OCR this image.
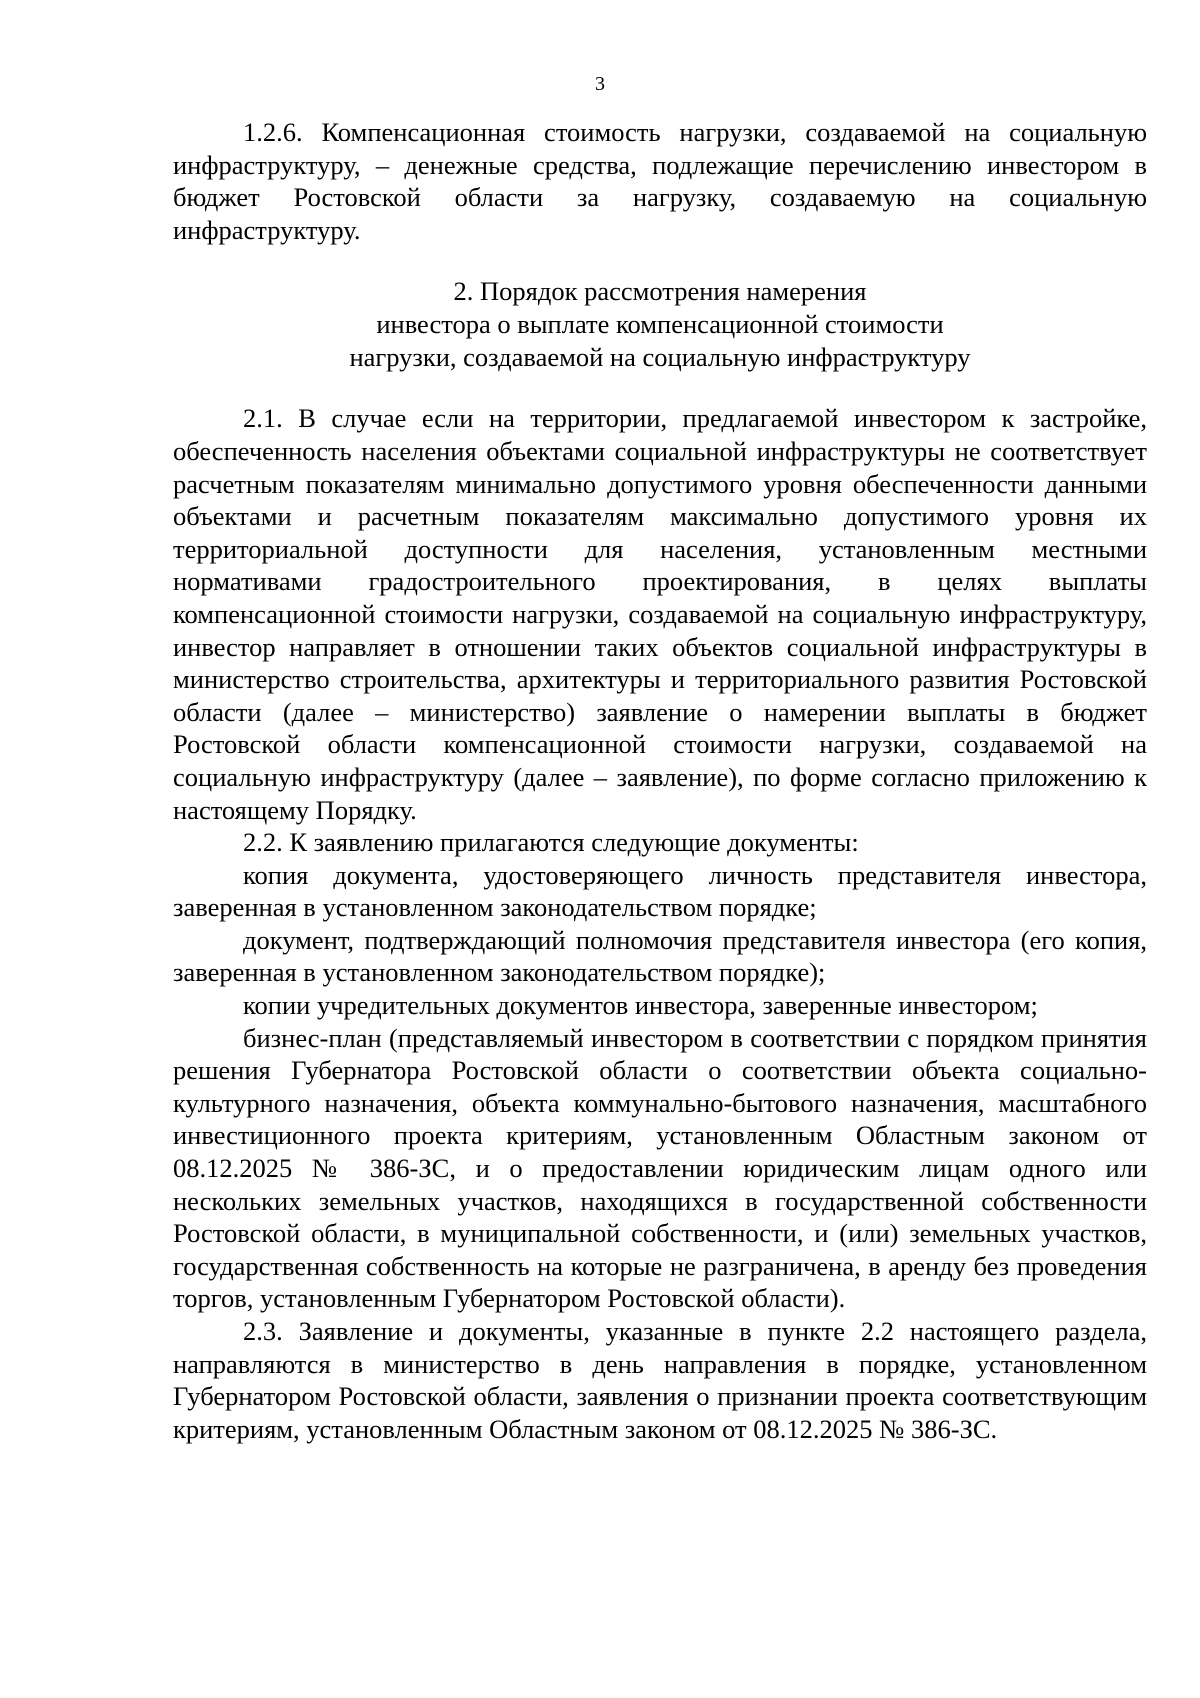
3

1.2.6. Компенсационная стоимость нагрузки, создаваемой на социальную инфраструктуру, – денежные средства, подлежащие перечислению инвестором в бюджет Ростовской области за нагрузку, создаваемую на социальную инфраструктуру.

2. Порядок рассмотрения намерения
инвестора о выплате компенсационной стоимости
нагрузки, создаваемой на социальную инфраструктуру

2.1. В случае если на территории, предлагаемой инвестором к застройке, обеспеченность населения объектами социальной инфраструктуры не соответствует расчетным показателям минимально допустимого уровня обеспеченности данными объектами и расчетным показателям максимально допустимого уровня их территориальной доступности для населения, установленным местными нормативами градостроительного проектирования, в целях выплаты компенсационной стоимости нагрузки, создаваемой на социальную инфраструктуру, инвестор направляет в отношении таких объектов социальной инфраструктуры в министерство строительства, архитектуры и территориального развития Ростовской области (далее – министерство) заявление о намерении выплаты в бюджет Ростовской области компенсационной стоимости нагрузки, создаваемой на социальную инфраструктуру (далее – заявление), по форме согласно приложению к настоящему Порядку.

2.2. К заявлению прилагаются следующие документы:

копия документа, удостоверяющего личность представителя инвестора, заверенная в установленном законодательством порядке;

документ, подтверждающий полномочия представителя инвестора (его копия, заверенная в установленном законодательством порядке);

копии учредительных документов инвестора, заверенные инвестором;

бизнес-план (представляемый инвестором в соответствии с порядком принятия решения Губернатора Ростовской области о соответствии объекта социально-культурного назначения, объекта коммунально-бытового назначения, масштабного инвестиционного проекта критериям, установленным Областным законом от 08.12.2025 № 386-ЗС, и о предоставлении юридическим лицам одного или нескольких земельных участков, находящихся в государственной собственности Ростовской области, в муниципальной собственности, и (или) земельных участков, государственная собственность на которые не разграничена, в аренду без проведения торгов, установленным Губернатором Ростовской области).

2.3. Заявление и документы, указанные в пункте 2.2 настоящего раздела, направляются в министерство в день направления в порядке, установленном Губернатором Ростовской области, заявления о признании проекта соответствующим критериям, установленным Областным законом от 08.12.2025 № 386-ЗС.
